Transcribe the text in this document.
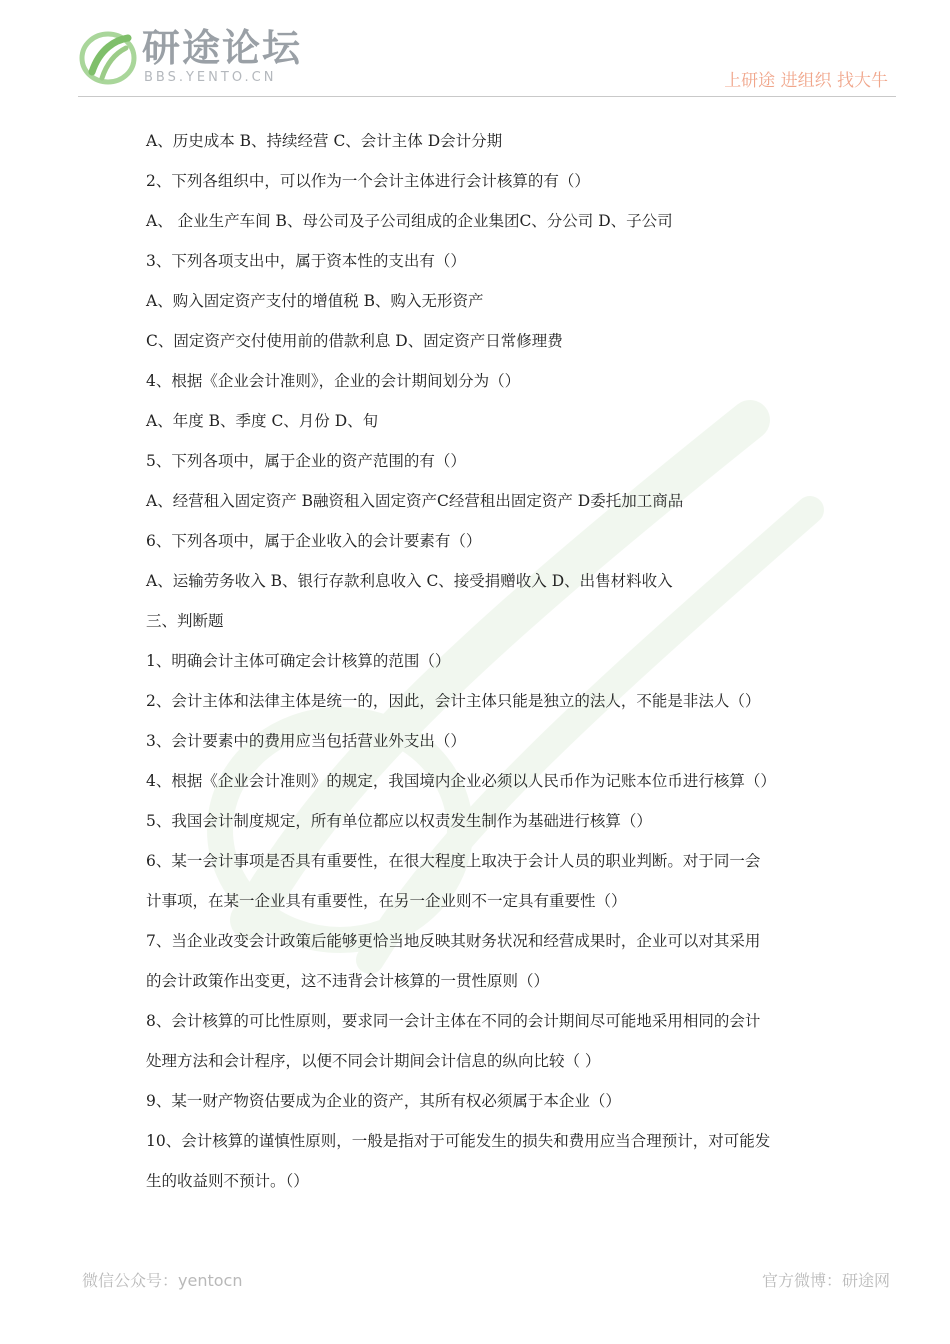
研途论坛
BBS.YENTO.CN	上研途 进组织 找大牛
A、历史成本 B、持续经营 C、会计主体 D会计分期
2、下列各组织中，可以作为一个会计主体进行会计核算的有（）
A、 企业生产车间 B、母公司及子公司组成的企业集团C、分公司 D、子公司
3、下列各项支出中，属于资本性的支出有（）
A、购入固定资产支付的增值税 B、购入无形资产
C、固定资产交付使用前的借款利息 D、固定资产日常修理费
4、根据《企业会计准则》，企业的会计期间划分为（）
A、年度 B、季度 C、月份 D、旬
5、下列各项中，属于企业的资产范围的有（）
A、经营租入固定资产 B融资租入固定资产C经营租出固定资产 D委托加工商品
6、下列各项中，属于企业收入的会计要素有（）
A、运输劳务收入 B、银行存款利息收入 C、接受捐赠收入 D、出售材料收入
三、判断题
1、明确会计主体可确定会计核算的范围（）
2、会计主体和法律主体是统一的，因此，会计主体只能是独立的法人，不能是非法人（）
3、会计要素中的费用应当包括营业外支出（）
4、根据《企业会计准则》的规定，我国境内企业必须以人民币作为记账本位币进行核算（）
5、我国会计制度规定，所有单位都应以权责发生制作为基础进行核算（）
6、某一会计事项是否具有重要性，在很大程度上取决于会计人员的职业判断。对于同一会
计事项，在某一企业具有重要性，在另一企业则不一定具有重要性（）
7、当企业改变会计政策后能够更恰当地反映其财务状况和经营成果时，企业可以对其采用
的会计政策作出变更，这不违背会计核算的一贯性原则（）
8、会计核算的可比性原则，要求同一会计主体在不同的会计期间尽可能地采用相同的会计
处理方法和会计程序，以便不同会计期间会计信息的纵向比较（ ）
9、某一财产物资估要成为企业的资产，其所有权必须属于本企业（）
10、会计核算的谨慎性原则，一般是指对于可能发生的损失和费用应当合理预计，对可能发
生的收益则不预计。（）
微信公众号：yentocn	官方微博：研途网
